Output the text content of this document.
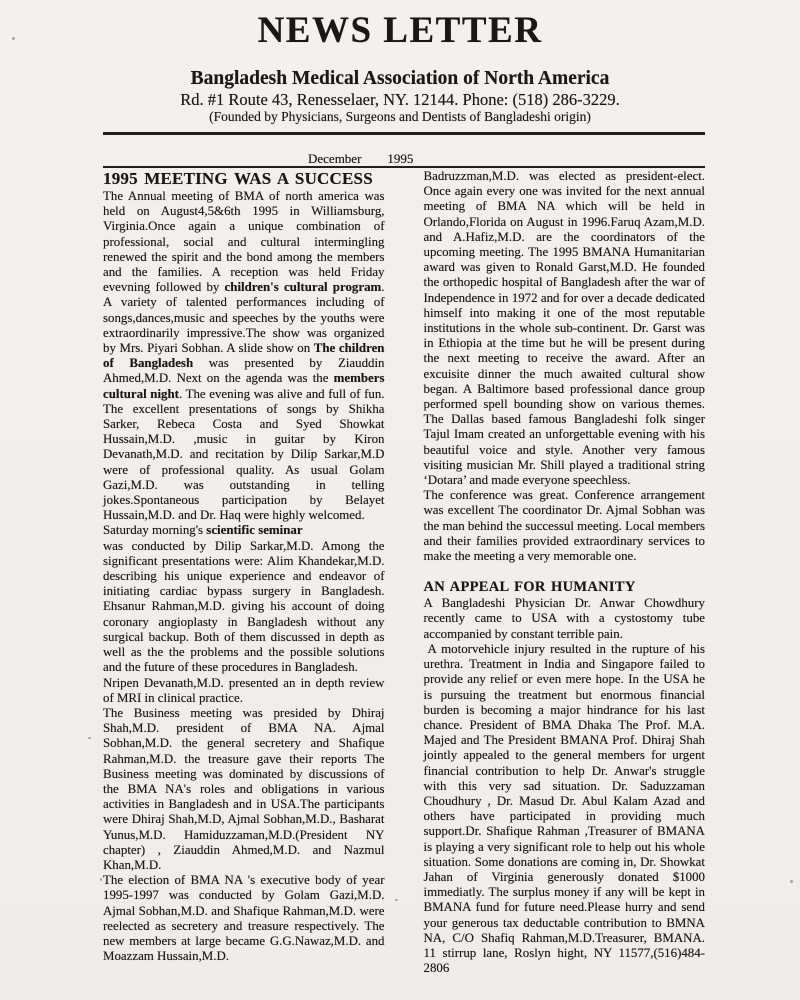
NEWS LETTER
Bangladesh Medical Association of North America
Rd. #1 Route 43, Renesselaer, NY. 12144. Phone: (518) 286-3229.
(Founded by Physicians, Surgeons and Dentists of Bangladeshi origin)
December 1995

1995 MEETING WAS A SUCCESS

The Annual meeting of BMA of north america was held on August4,5&6th 1995 in Williamsburg, Virginia.Once again a unique combination of professional, social and cultural intermingling renewed the spirit and the bond among the members and the families. A reception was held Friday evevning followed by children's cultural program. A variety of talented performances including of songs,dances,music and speeches by the youths were extraordinarily impressive.The show was organized by Mrs. Piyari Sobhan. A slide show on The children of Bangladesh was presented by Ziauddin Ahmed,M.D. Next on the agenda was the members cultural night. The evening was alive and full of fun. The excellent presentations of songs by Shikha Sarker, Rebeca Costa and Syed Showkat Hussain,M.D. ,music in guitar by Kiron Devanath,M.D. and recitation by Dilip Sarkar,M.D were of professional quality. As usual Golam Gazi,M.D. was outstanding in telling jokes.Spontaneous participation by Belayet Hussain,M.D. and Dr. Haq were highly welcomed.

Saturday morning's scientific seminar

was conducted by Dilip Sarkar,M.D. Among the significant presentations were: Alim Khandekar,M.D. describing his unique experience and endeavor of initiating cardiac bypass surgery in Bangladesh. Ehsanur Rahman,M.D. giving his account of doing coronary angioplasty in Bangladesh without any surgical backup. Both of them discussed in depth as well as the the problems and the possible solutions and the future of these procedures in Bangladesh.

Nripen Devanath,M.D. presented an in depth review of MRI in clinical practice.

The Business meeting was presided by Dhiraj Shah,M.D. president of BMA NA. Ajmal Sobhan,M.D. the general secretery and Shafique Rahman,M.D. the treasure gave their reports The Business meeting was dominated by discussions of the BMA NA's roles and obligations in various activities in Bangladesh and in USA.The participants were Dhiraj Shah,M.D, Ajmal Sobhan,M.D., Basharat Yunus,M.D. Hamiduzzaman,M.D.(President NY chapter) , Ziauddin Ahmed,M.D. and Nazmul Khan,M.D.

The election of BMA NA 's executive body of year 1995-1997 was conducted by Golam Gazi,M.D. Ajmal Sobhan,M.D. and Shafique Rahman,M.D. were reelected as secretery and treasure respectively. The new members at large became G.G.Nawaz,M.D. and Moazzam Hussain,M.D.

Badruzzman,M.D. was elected as president-elect. Once again every one was invited for the next annual meeting of BMA NA which will be held in Orlando,Florida on August in 1996.Faruq Azam,M.D. and A.Hafiz,M.D. are the coordinators of the upcoming meeting. The 1995 BMANA Humanitarian award was given to Ronald Garst,M.D. He founded the orthopedic hospital of Bangladesh after the war of Independence in 1972 and for over a decade dedicated himself into making it one of the most reputable institutions in the whole sub-continent. Dr. Garst was in Ethiopia at the time but he will be present during the next meeting to receive the award. After an excuisite dinner the much awaited cultural show began. A Baltimore based professional dance group performed spell bounding show on various themes. The Dallas based famous Bangladeshi folk singer Tajul Imam created an unforgettable evening with his beautiful voice and style. Another very famous visiting musician Mr. Shill played a traditional string ‘Dotara’ and made everyone speechless.

The conference was great. Conference arrangement was excellent The coordinator Dr. Ajmal Sobhan was the man behind the successul meeting. Local members and their families provided extraordinary services to make the meeting a very memorable one.

AN APPEAL FOR HUMANITY

A Bangladeshi Physician Dr. Anwar Chowdhury recently came to USA with a cystostomy tube accompanied by constant terrible pain.

A motorvehicle injury resulted in the rupture of his urethra. Treatment in India and Singapore failed to provide any relief or even mere hope. In the USA he is pursuing the treatment but enormous financial burden is becoming a major hindrance for his last chance. President of BMA Dhaka The Prof. M.A. Majed and The President BMANA Prof. Dhiraj Shah jointly appealed to the general members for urgent financial contribution to help Dr. Anwar's struggle with this very sad situation. Dr. Saduzzaman Choudhury , Dr. Masud Dr. Abul Kalam Azad and others have participated in providing much support.Dr. Shafique Rahman ,Treasurer of BMANA is playing a very significant role to help out his whole situation. Some donations are coming in, Dr. Showkat Jahan of Virginia generously donated $1000 immediatly. The surplus money if any will be kept in BMANA fund for future need.Please hurry and send your generous tax deductable contribution to BMNA NA, C/O Shafiq Rahman,M.D.Treasurer, BMANA. 11 stirrup lane, Roslyn hight, NY 11577,(516)484-2806
